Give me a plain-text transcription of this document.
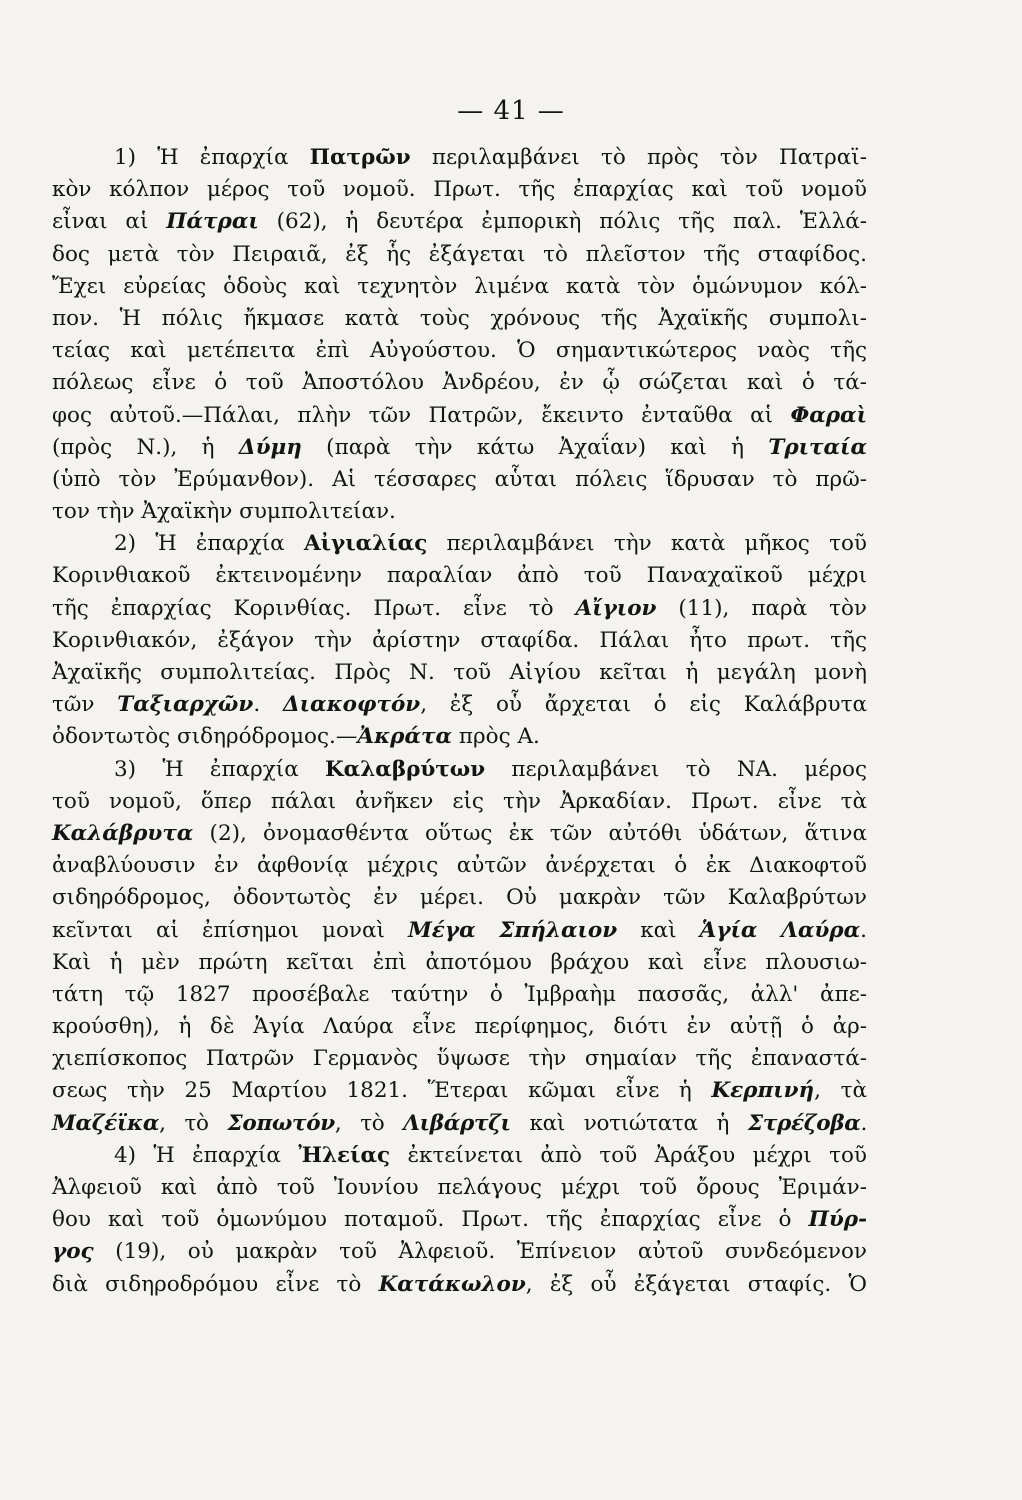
— 41 —
1) Ἡ ἐπαρχία Πατρῶν περιλαμβάνει τὸ πρὸς τὸν Πατραϊ-
κὸν κόλπον μέρος τοῦ νομοῦ. Πρωτ. τῆς ἐπαρχίας καὶ τοῦ νομοῦ
εἶναι αἱ Πάτραι (62), ἡ δευτέρα ἐμπορικὴ πόλις τῆς παλ. Ἑλλά-
δος μετὰ τὸν Πειραιᾶ, ἐξ ἧς ἐξάγεται τὸ πλεῖστον τῆς σταφίδος.
Ἔχει εὐρείας ὁδοὺς καὶ τεχνητὸν λιμένα κατὰ τὸν ὁμώνυμον κόλ-
πον. Ἡ πόλις ἤκμασε κατὰ τοὺς χρόνους τῆς Ἀχαϊκῆς συμπολι-
τείας καὶ μετέπειτα ἐπὶ Αὐγούστου. Ὁ σημαντικώτερος ναὸς τῆς
πόλεως εἶνε ὁ τοῦ Ἀποστόλου Ἀνδρέου, ἐν ᾧ σώζεται καὶ ὁ τά-
φος αὐτοῦ.—Πάλαι, πλὴν τῶν Πατρῶν, ἔκειντο ἐνταῦθα αἱ Φαραὶ
(πρὸς Ν.), ἡ Δύμη (παρὰ τὴν κάτω Ἀχαΐαν) καὶ ἡ Τριταία
(ὑπὸ τὸν Ἐρύμανθον). Αἱ τέσσαρες αὗται πόλεις ἵδρυσαν τὸ πρῶ-
τον τὴν Ἀχαϊκὴν συμπολιτείαν.
2) Ἡ ἐπαρχία Αἰγιαλίας περιλαμβάνει τὴν κατὰ μῆκος τοῦ
Κορινθιακοῦ ἐκτεινομένην παραλίαν ἀπὸ τοῦ Παναχαϊκοῦ μέχρι
τῆς ἐπαρχίας Κορινθίας. Πρωτ. εἶνε τὸ Αἴγιον (11), παρὰ τὸν
Κορινθιακόν, ἐξάγον τὴν ἀρίστην σταφίδα. Πάλαι ἦτο πρωτ. τῆς
Ἀχαϊκῆς συμπολιτείας. Πρὸς Ν. τοῦ Αἰγίου κεῖται ἡ μεγάλη μονὴ
τῶν Ταξιαρχῶν. Διακοφτόν, ἐξ οὗ ἄρχεται ὁ εἰς Καλάβρυτα
ὀδοντωτὸς σιδηρόδρομος.—Ἀκράτα πρὸς Α.
3) Ἡ ἐπαρχία Καλαβρύτων περιλαμβάνει τὸ ΝΑ. μέρος
τοῦ νομοῦ, ὅπερ πάλαι ἀνῆκεν εἰς τὴν Ἀρκαδίαν. Πρωτ. εἶνε τὰ
Καλάβρυτα (2), ὀνομασθέντα οὕτως ἐκ τῶν αὐτόθι ὑδάτων, ἅτινα
ἀναβλύουσιν ἐν ἀφθονίᾳ μέχρις αὐτῶν ἀνέρχεται ὁ ἐκ Διακοφτοῦ
σιδηρόδρομος, ὀδοντωτὸς ἐν μέρει. Οὐ μακρὰν τῶν Καλαβρύτων
κεῖνται αἱ ἐπίσημοι μοναὶ Μέγα Σπήλαιον καὶ Ἁγία Λαύρα.
Καὶ ἡ μὲν πρώτη κεῖται ἐπὶ ἀποτόμου βράχου καὶ εἶνε πλουσιω-
τάτη τῷ 1827 προσέβαλε ταύτην ὁ Ἰμβραὴμ πασσᾶς, ἀλλ' ἀπε-
κρούσθη), ἡ δὲ Ἁγία Λαύρα εἶνε περίφημος, διότι ἐν αὐτῇ ὁ ἀρ-
χιεπίσκοπος Πατρῶν Γερμανὸς ὕψωσε τὴν σημαίαν τῆς ἐπαναστά-
σεως τὴν 25 Μαρτίου 1821. Ἕτεραι κῶμαι εἶνε ἡ Κερπινή, τὰ
Μαζέϊκα, τὸ Σοπωτόν, τὸ Λιβάρτζι καὶ νοτιώτατα ἡ Στρέζοβα.
4) Ἡ ἐπαρχία Ἠλείας ἐκτείνεται ἀπὸ τοῦ Ἀράξου μέχρι τοῦ
Ἀλφειοῦ καὶ ἀπὸ τοῦ Ἰουνίου πελάγους μέχρι τοῦ ὄρους Ἐριμάν-
θου καὶ τοῦ ὁμωνύμου ποταμοῦ. Πρωτ. τῆς ἐπαρχίας εἶνε ὁ Πύρ-
γος (19), οὐ μακρὰν τοῦ Ἀλφειοῦ. Ἐπίνειον αὐτοῦ συνδεόμενον
διὰ σιδηροδρόμου εἶνε τὸ Κατάκωλον, ἐξ οὗ ἐξάγεται σταφίς. Ὁ
